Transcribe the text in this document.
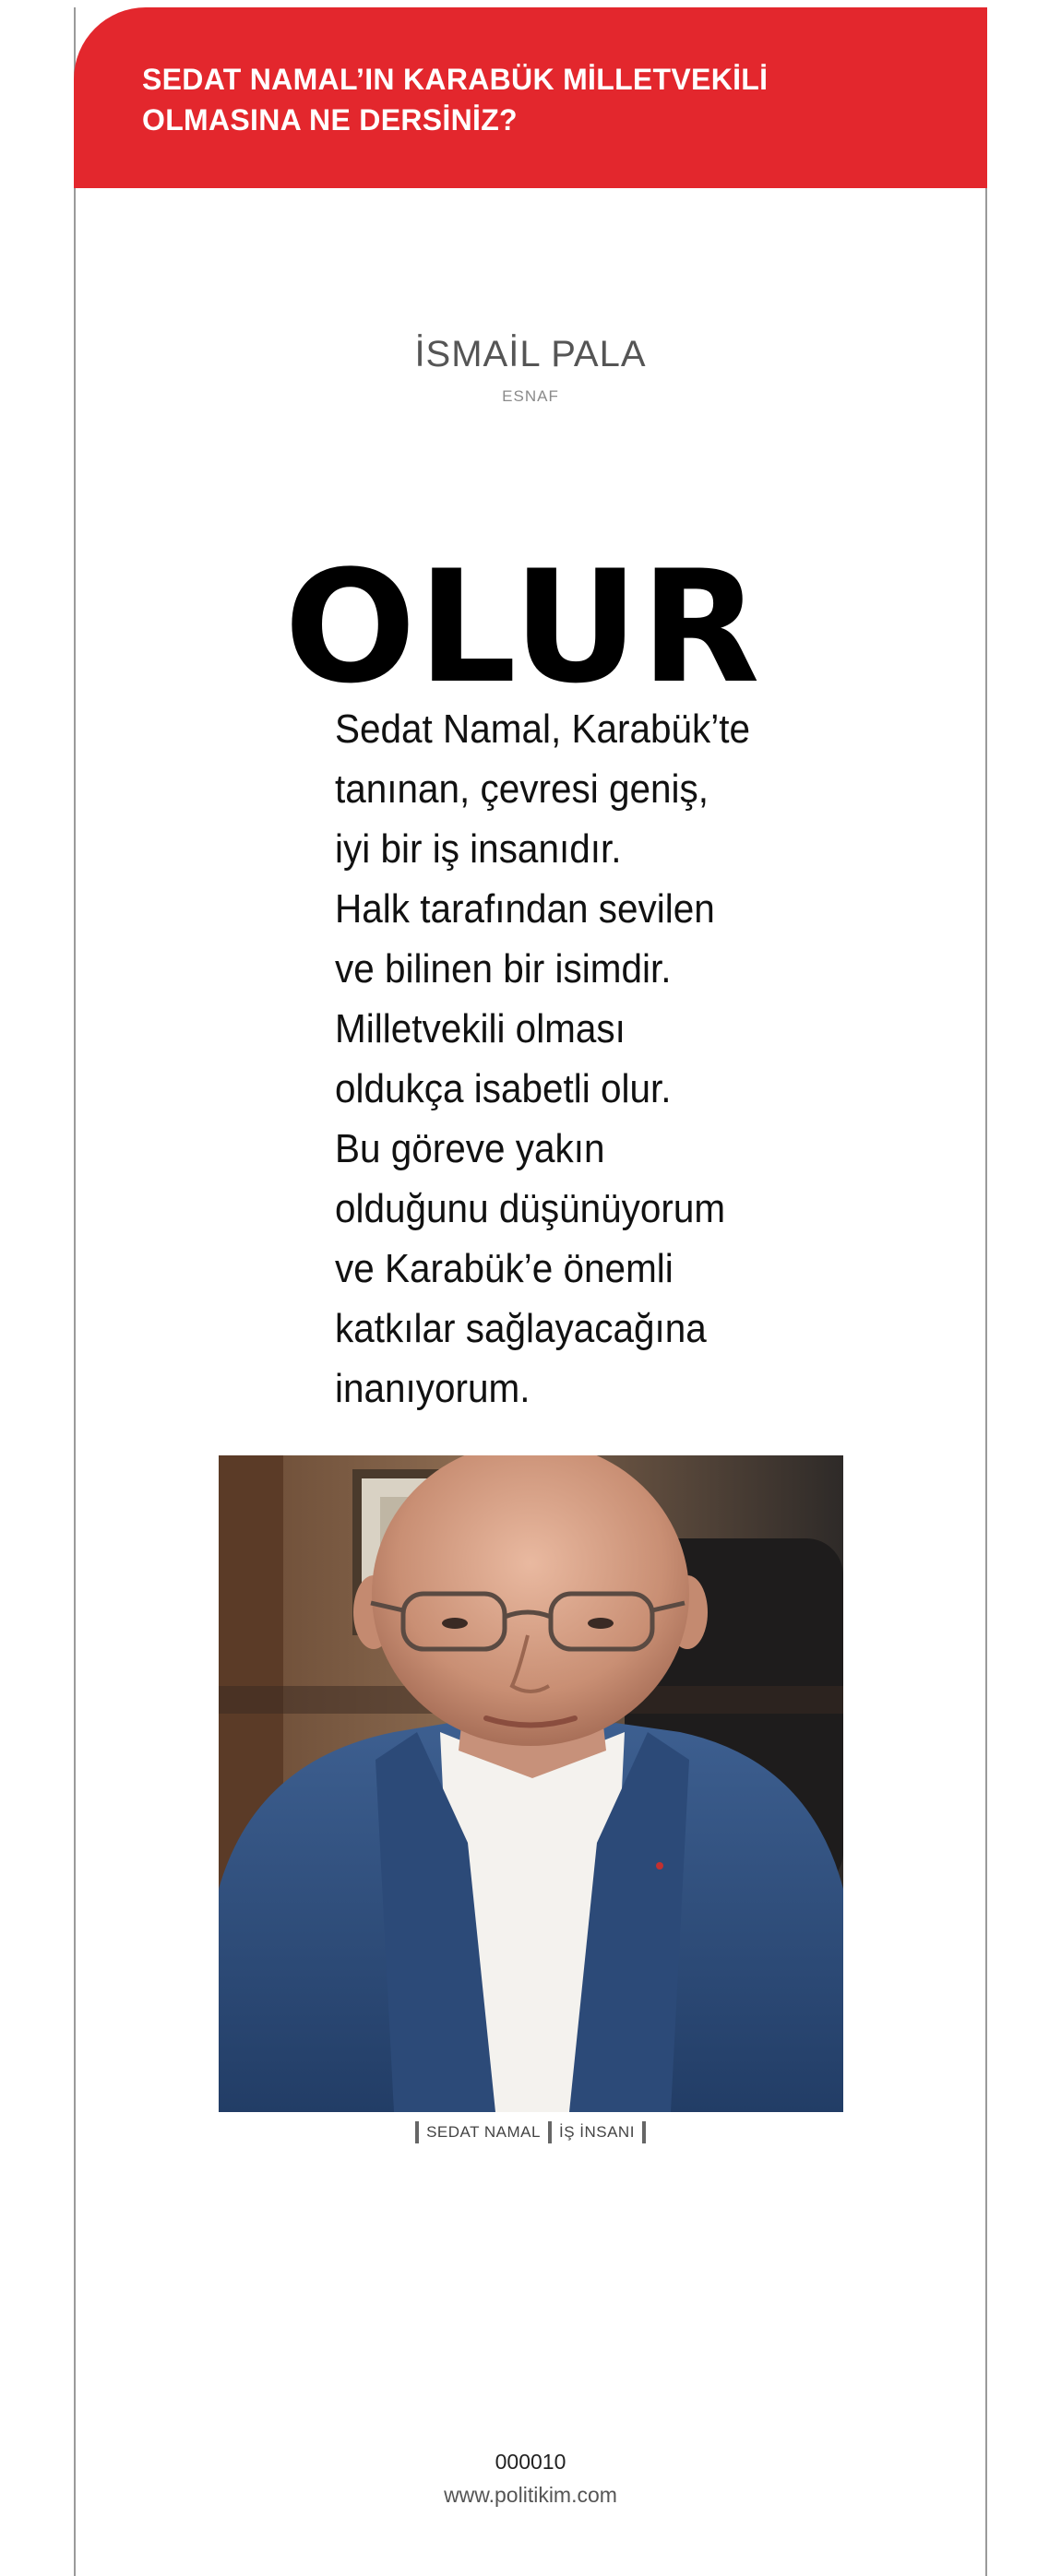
SEDAT NAMAL’IN KARABÜK MİLLETVEKİLİ
OLMASINA NE DERSİNİZ?

İSMAİL PALA

ESNAF

OLUR

Sedat Namal, Karabük’te
tanınan, çevresi geniş,
iyi bir iş insanıdır.
Halk tarafından sevilen
ve bilinen bir isimdir.
Milletvekili olması
oldukça isabetli olur.
Bu göreve yakın
olduğunu düşünüyorum
ve Karabük’e önemli
katkılar sağlayacağına
inanıyorum.

SEDAT NAMAL İŞ İNSANI

000010

www.politikim.com
